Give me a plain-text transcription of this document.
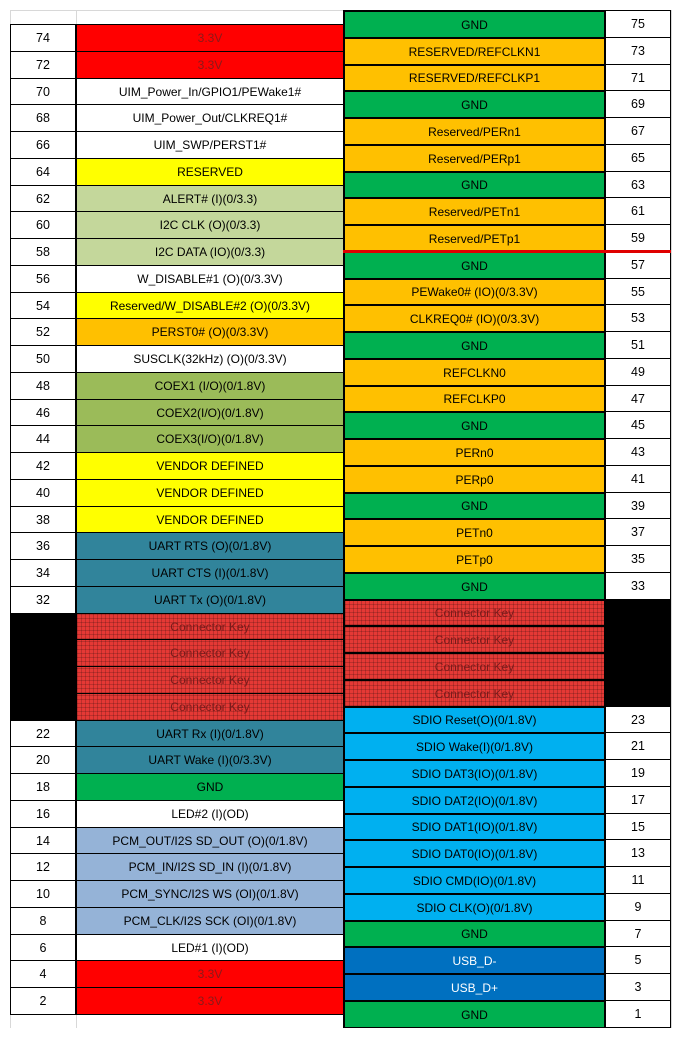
74	3.3V
72	3.3V
70	UIM_Power_In/GPIO1/PEWake1#
68	UIM_Power_Out/CLKREQ1#
66	UIM_SWP/PERST1#
64	RESERVED
62	ALERT# (I)(0/3.3)
60	I2C CLK (O)(0/3.3)
58	I2C DATA (IO)(0/3.3)
56	W_DISABLE#1 (O)(0/3.3V)
54	Reserved/W_DISABLE#2 (O)(0/3.3V)
52	PERST0# (O)(0/3.3V)
50	SUSCLK(32kHz) (O)(0/3.3V)
48	COEX1 (I/O)(0/1.8V)
46	COEX2(I/O)(0/1.8V)
44	COEX3(I/O)(0/1.8V)
42	VENDOR DEFINED
40	VENDOR DEFINED
38	VENDOR DEFINED
36	UART RTS (O)(0/1.8V)
34	UART CTS (I)(0/1.8V)
32	UART Tx (O)(0/1.8V)
Connector Key
Connector Key
Connector Key
Connector Key
22	UART Rx (I)(0/1.8V)
20	UART Wake (I)(0/3.3V)
18	GND
16	LED#2 (I)(OD)
14	PCM_OUT/I2S SD_OUT (O)(0/1.8V)
12	PCM_IN/I2S SD_IN (I)(0/1.8V)
10	PCM_SYNC/I2S WS (OI)(0/1.8V)
8	PCM_CLK/I2S SCK (OI)(0/1.8V)
6	LED#1 (I)(OD)
4	3.3V
2	3.3V
GND	75
RESERVED/REFCLKN1	73
RESERVED/REFCLKP1	71
GND	69
Reserved/PERn1	67
Reserved/PERp1	65
GND	63
Reserved/PETn1	61
Reserved/PETp1	59
GND	57
PEWake0# (IO)(0/3.3V)	55
CLKREQ0# (IO)(0/3.3V)	53
GND	51
REFCLKN0	49
REFCLKP0	47
GND	45
PERn0	43
PERp0	41
GND	39
PETn0	37
PETp0	35
GND	33
Connector Key
Connector Key
Connector Key
Connector Key
SDIO Reset(O)(0/1.8V)	23
SDIO Wake(I)(0/1.8V)	21
SDIO DAT3(IO)(0/1.8V)	19
SDIO DAT2(IO)(0/1.8V)	17
SDIO DAT1(IO)(0/1.8V)	15
SDIO DAT0(IO)(0/1.8V)	13
SDIO CMD(IO)(0/1.8V)	11
SDIO CLK(O)(0/1.8V)	9
GND	7
USB_D-	5
USB_D+	3
GND	1
